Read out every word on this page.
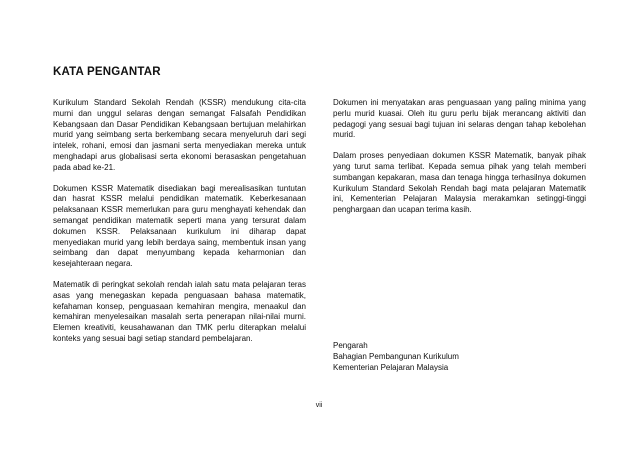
KATA PENGANTAR

Kurikulum Standard Sekolah Rendah (KSSR) mendukung cita-cita murni dan unggul selaras dengan semangat Falsafah Pendidikan Kebangsaan dan Dasar Pendidikan Kebangsaan bertujuan melahirkan murid yang seimbang serta berkembang secara menyeluruh dari segi intelek, rohani, emosi dan jasmani serta menyediakan mereka untuk menghadapi arus globalisasi serta ekonomi berasaskan pengetahuan pada abad ke-21.

Dokumen KSSR Matematik disediakan bagi merealisasikan tuntutan dan hasrat KSSR melalui pendidikan matematik. Keberkesanaan pelaksanaan KSSR memerlukan para guru menghayati kehendak dan semangat pendidikan matematik seperti mana yang tersurat dalam dokumen KSSR. Pelaksanaan kurikulum ini diharap dapat menyediakan murid yang lebih berdaya saing, membentuk insan yang seimbang dan dapat menyumbang kepada keharmonian dan kesejahteraan negara.

Matematik di peringkat sekolah rendah ialah satu mata pelajaran teras asas yang menegaskan kepada penguasaan bahasa matematik, kefahaman konsep, penguasaan kemahiran mengira, menaakul dan kemahiran menyelesaikan masalah serta penerapan nilai-nilai murni. Elemen kreativiti, keusahawanan dan TMK perlu diterapkan melalui konteks yang sesuai bagi setiap standard pembelajaran.

Dokumen ini menyatakan aras penguasaan yang paling minima yang perlu murid kuasai. Oleh itu guru perlu bijak merancang aktiviti dan pedagogi yang sesuai bagi tujuan ini selaras dengan tahap kebolehan murid.

Dalam proses penyediaan dokumen KSSR Matematik, banyak pihak yang turut sama terlibat. Kepada semua pihak yang telah memberi sumbangan kepakaran, masa dan tenaga hingga terhasilnya dokumen Kurikulum Standard Sekolah Rendah bagi mata pelajaran Matematik ini, Kementerian Pelajaran Malaysia merakamkan setinggi-tinggi penghargaan dan ucapan terima kasih.

Pengarah
Bahagian Pembangunan Kurikulum
Kementerian Pelajaran Malaysia
vii
